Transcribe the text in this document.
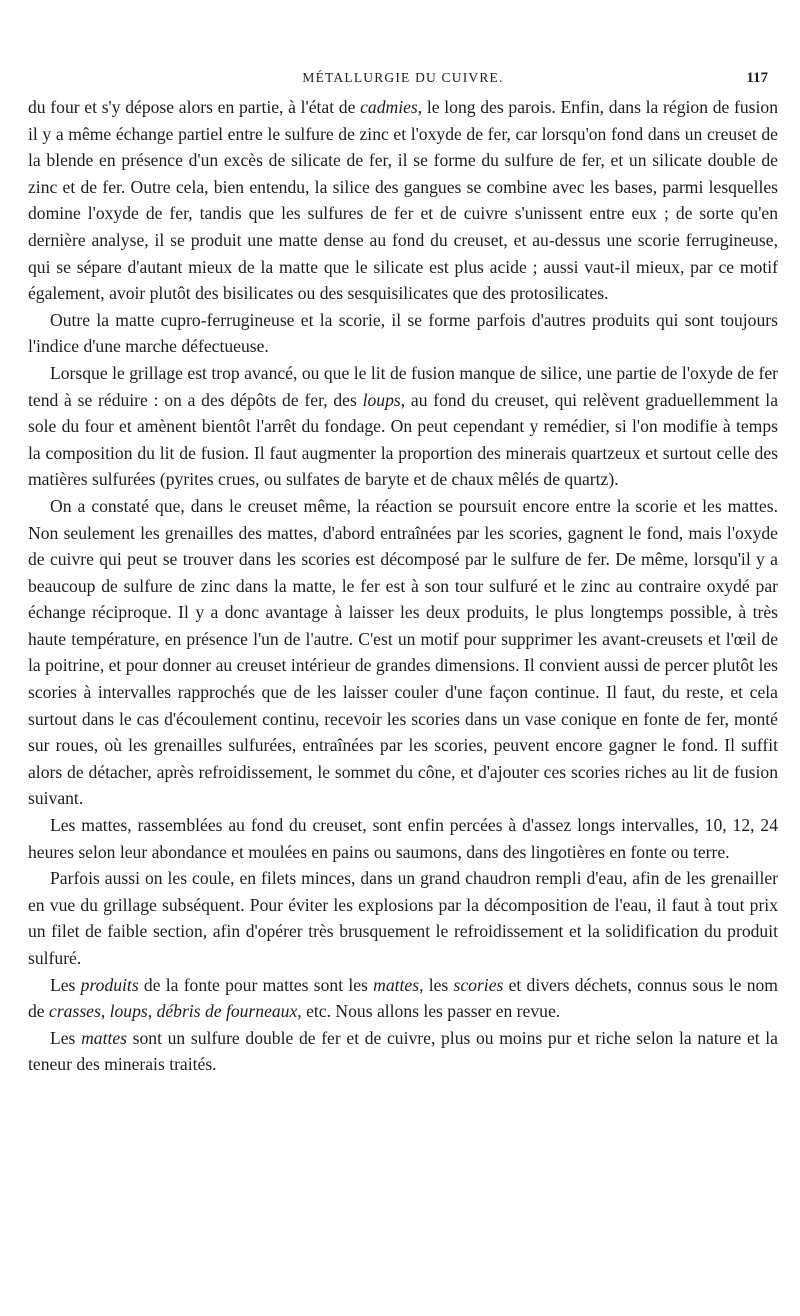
MÉTALLURGIE DU CUIVRE.	117

du four et s'y dépose alors en partie, à l'état de cadmies, le long des parois. Enfin, dans la région de fusion il y a même échange partiel entre le sulfure de zinc et l'oxyde de fer, car lorsqu'on fond dans un creuset de la blende en présence d'un excès de silicate de fer, il se forme du sulfure de fer, et un silicate double de zinc et de fer. Outre cela, bien entendu, la silice des gangues se combine avec les bases, parmi lesquelles domine l'oxyde de fer, tandis que les sulfures de fer et de cuivre s'unissent entre eux ; de sorte qu'en dernière analyse, il se produit une matte dense au fond du creuset, et au-dessus une scorie ferrugineuse, qui se sépare d'autant mieux de la matte que le silicate est plus acide ; aussi vaut-il mieux, par ce motif également, avoir plutôt des bisilicates ou des sesquisilicates que des protosilicates.

Outre la matte cupro-ferrugineuse et la scorie, il se forme parfois d'autres produits qui sont toujours l'indice d'une marche défectueuse.

Lorsque le grillage est trop avancé, ou que le lit de fusion manque de silice, une partie de l'oxyde de fer tend à se réduire : on a des dépôts de fer, des loups, au fond du creuset, qui relèvent graduellemment la sole du four et amènent bientôt l'arrêt du fondage. On peut cependant y remédier, si l'on modifie à temps la composition du lit de fusion. Il faut augmenter la proportion des minerais quartzeux et surtout celle des matières sulfurées (pyrites crues, ou sulfates de baryte et de chaux mêlés de quartz).

On a constaté que, dans le creuset même, la réaction se poursuit encore entre la scorie et les mattes. Non seulement les grenailles des mattes, d'abord entraînées par les scories, gagnent le fond, mais l'oxyde de cuivre qui peut se trouver dans les scories est décomposé par le sulfure de fer. De même, lorsqu'il y a beaucoup de sulfure de zinc dans la matte, le fer est à son tour sulfuré et le zinc au contraire oxydé par échange réciproque. Il y a donc avantage à laisser les deux produits, le plus longtemps possible, à très haute température, en présence l'un de l'autre. C'est un motif pour supprimer les avant-creusets et l'œil de la poitrine, et pour donner au creuset intérieur de grandes dimensions. Il convient aussi de percer plutôt les scories à intervalles rapprochés que de les laisser couler d'une façon continue. Il faut, du reste, et cela surtout dans le cas d'écoulement continu, recevoir les scories dans un vase conique en fonte de fer, monté sur roues, où les grenailles sulfurées, entraînées par les scories, peuvent encore gagner le fond. Il suffit alors de détacher, après refroidissement, le sommet du cône, et d'ajouter ces scories riches au lit de fusion suivant.

Les mattes, rassemblées au fond du creuset, sont enfin percées à d'assez longs intervalles, 10, 12, 24 heures selon leur abondance et moulées en pains ou saumons, dans des lingotières en fonte ou terre.

Parfois aussi on les coule, en filets minces, dans un grand chaudron rempli d'eau, afin de les grenailler en vue du grillage subséquent. Pour éviter les explosions par la décomposition de l'eau, il faut à tout prix un filet de faible section, afin d'opérer très brusquement le refroidissement et la solidification du produit sulfuré.

Les produits de la fonte pour mattes sont les mattes, les scories et divers déchets, connus sous le nom de crasses, loups, débris de fourneaux, etc. Nous allons les passer en revue.

Les mattes sont un sulfure double de fer et de cuivre, plus ou moins pur et riche selon la nature et la teneur des minerais traités.
